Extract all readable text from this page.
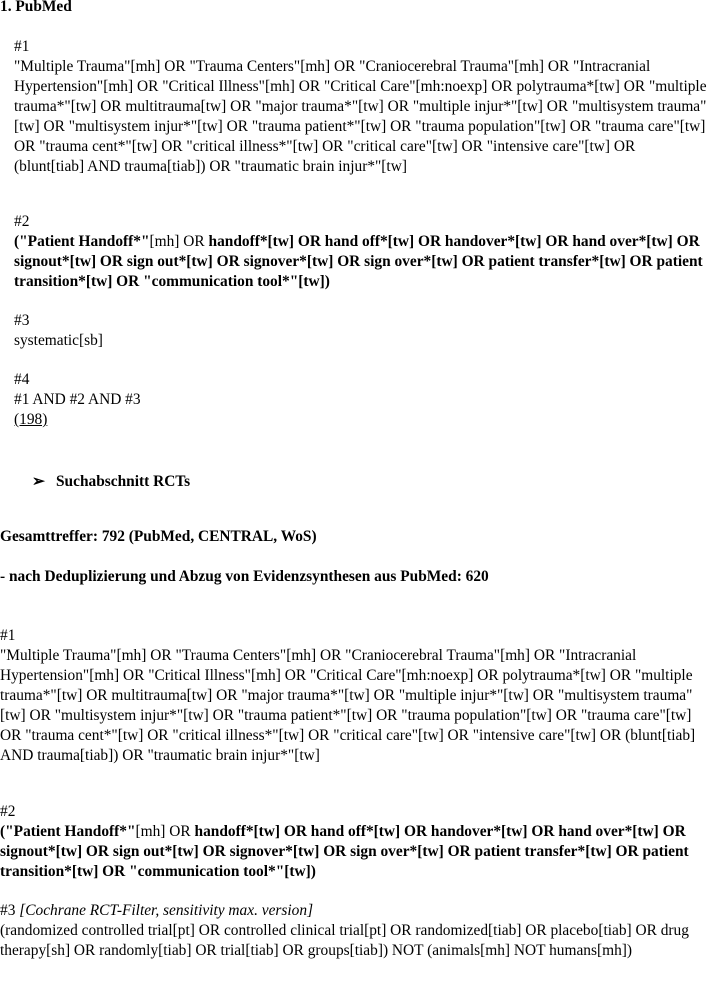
1. PubMed

#1

"Multiple Trauma"[mh] OR "Trauma Centers"[mh] OR "Craniocerebral Trauma"[mh] OR "Intracranial Hypertension"[mh] OR "Critical Illness"[mh] OR "Critical Care"[mh:noexp] OR polytrauma*[tw] OR "multiple trauma*"[tw] OR multitrauma[tw] OR "major trauma*"[tw] OR "multiple injur*"[tw] OR "multisystem trauma"[tw] OR "multisystem injur*"[tw] OR "trauma patient*"[tw] OR "trauma population"[tw] OR "trauma care"[tw] OR "trauma cent*"[tw] OR "critical illness*"[tw] OR "critical care"[tw] OR "intensive care"[tw] OR (blunt[tiab] AND trauma[tiab]) OR "traumatic brain injur*"[tw]

#2

("Patient Handoff*"[mh] OR handoff*[tw] OR hand off*[tw] OR handover*[tw] OR hand over*[tw] OR signout*[tw] OR sign out*[tw] OR signover*[tw] OR sign over*[tw] OR patient transfer*[tw] OR patient transition*[tw] OR "communication tool*"[tw])

#3

systematic[sb]

#4

#1 AND #2 AND #3

(198)

➢ Suchabschnitt RCTs

Gesamttreffer: 792 (PubMed, CENTRAL, WoS)

- nach Deduplizierung und Abzug von Evidenzsynthesen aus PubMed: 620

#1

"Multiple Trauma"[mh] OR "Trauma Centers"[mh] OR "Craniocerebral Trauma"[mh] OR "Intracranial Hypertension"[mh] OR "Critical Illness"[mh] OR "Critical Care"[mh:noexp] OR polytrauma*[tw] OR "multiple trauma*"[tw] OR multitrauma[tw] OR "major trauma*"[tw] OR "multiple injur*"[tw] OR "multisystem trauma"[tw] OR "multisystem injur*"[tw] OR "trauma patient*"[tw] OR "trauma population"[tw] OR "trauma care"[tw] OR "trauma cent*"[tw] OR "critical illness*"[tw] OR "critical care"[tw] OR "intensive care"[tw] OR (blunt[tiab] AND trauma[tiab]) OR "traumatic brain injur*"[tw]

#2

("Patient Handoff*"[mh] OR handoff*[tw] OR hand off*[tw] OR handover*[tw] OR hand over*[tw] OR signout*[tw] OR sign out*[tw] OR signover*[tw] OR sign over*[tw] OR patient transfer*[tw] OR patient transition*[tw] OR "communication tool*"[tw])

#3 [Cochrane RCT-Filter, sensitivity max. version]

(randomized controlled trial[pt] OR controlled clinical trial[pt] OR randomized[tiab] OR placebo[tiab] OR drug therapy[sh] OR randomly[tiab] OR trial[tiab] OR groups[tiab]) NOT (animals[mh] NOT humans[mh])
